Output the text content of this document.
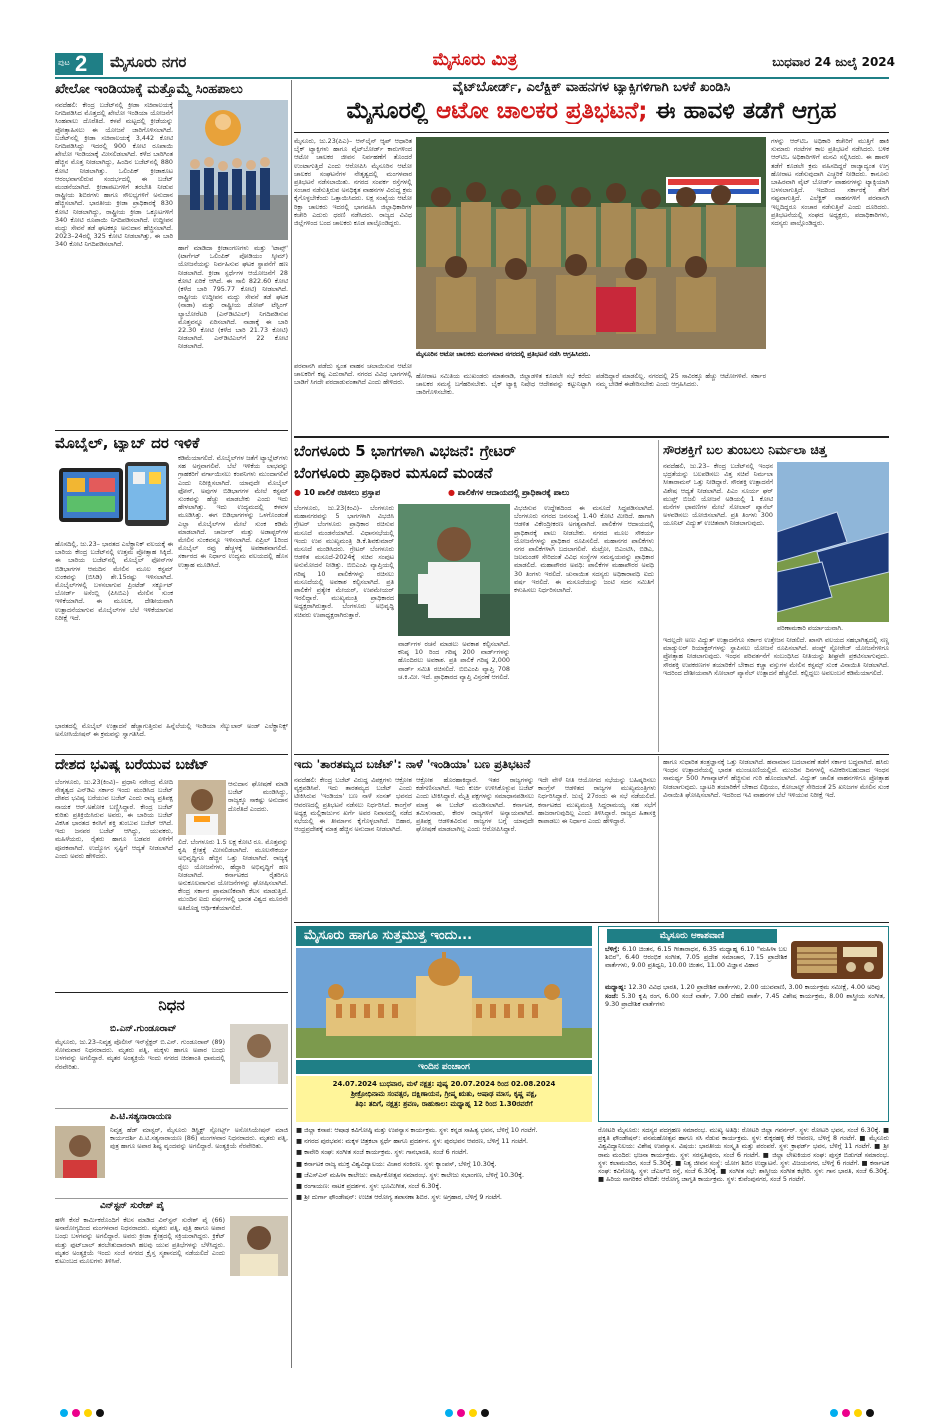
ಪುಟ 2 ಮೈಸೂರು ನಗರ	ಮೈಸೂರು ಮಿತ್ರ	ಬುಧವಾರ 24 ಜುಲೈ 2024
ಖೇಲೋ ಇಂಡಿಯಾಕ್ಕೆ ಮತ್ತೊಮ್ಮೆ ಸಿಂಹಪಾಲು
ನವದೆಹಲಿ: ಕೇಂದ್ರ ಬಜೆಟ್‌ನಲ್ಲಿ ಕ್ರೀಡಾ ಸಚಿವಾಲಯಕ್ಕೆ ನಿಗದಿಪಡಿಸಿದ ಮೊತ್ತದಲ್ಲಿ ಖೇಲೋ ಇಂಡಿಯಾ ಯೋಜನೆಗೆ ಸಿಂಹಪಾಲು ದೊರೆತಿದೆ. ಕಳಪೆ ಮಟ್ಟದಲ್ಲಿ ಕ್ರೀಡೆಯನ್ನು ಪ್ರೋತ್ಸಾಹಿಸಲು ಈ ಯೋಜನೆ ಜಾರಿಗೊಳಿಸಲಾಗಿದೆ. ಬಜೆಟ್‌ನಲ್ಲಿ ಕ್ರೀಡಾ ಸಚಿವಾಲಯಕ್ಕೆ 3,442 ಕೋಟಿ ನಿಗದಿಪಡಿಸಿದ್ದು ಇದರಲ್ಲಿ 900 ಕೋಟಿ ರೂಪಾಯಿ ಖೇಲೋ ಇಂಡಿಯಾಕ್ಕೆ ಮೀಸಲಿಡಲಾಗಿದೆ. ಕಳೆದ ಬಾರಿಗಿಂತ ಹೆಚ್ಚಿನ ಮೊತ್ತ ನೀಡಲಾಗಿದ್ದು, ಹಿಂದಿನ ಬಜೆಟ್‌ನಲ್ಲಿ 880 ಕೋಟಿ ನೀಡಲಾಗಿತ್ತು. ಒಲಿಂಪಿಕ್ ಕ್ರೀಡಾಕೂಟ ಆರಂಭವಾಗಲಿರುವ ಸಂದರ್ಭದಲ್ಲಿ ಈ ಬಜೆಟ್ ಮಂಡನೆಯಾಗಿದೆ. ಕ್ರೀಡಾಪಟುಗಳಿಗೆ ತರಬೇತಿ ನೀಡುವ ರಾಷ್ಟ್ರೀಯ ಶಿಬಿರಗಳು ಹಾಗೂ ಸೌಲಭ್ಯಗಳಿಗೆ ಅನುದಾನ ಹೆಚ್ಚಿಸಲಾಗಿದೆ. ಭಾರತೀಯ ಕ್ರೀಡಾ ಪ್ರಾಧಿಕಾರಕ್ಕೆ 830 ಕೋಟಿ ನೀಡಲಾಗಿದ್ದು, ರಾಷ್ಟ್ರೀಯ ಕ್ರೀಡಾ ಒಕ್ಕೂಟಗಳಿಗೆ 340 ಕೋಟಿ ರೂಪಾಯಿ ನಿಗದಿಪಡಿಸಲಾಗಿದೆ. ಉದ್ದೀಪನ ಮದ್ದು ಸೇವನೆ ತಡೆ ಘಟಕಕ್ಕೂ ಅನುದಾನ ಹೆಚ್ಚಿಸಲಾಗಿದೆ. 2023–24ರಲ್ಲಿ 325 ಕೋಟಿ ನೀಡಲಾಗಿತ್ತು, ಈ ಬಾರಿ 340 ಕೋಟಿ ನಿಗದಿಪಡಿಸಲಾಗಿದೆ.	ಹಾಗೆ ಮಾಡಿದಾ ಕ್ರೀಡಾಂಗಣಗಳು ಮತ್ತು 'ಟಾಪ್ಸ್' (ಟಾರ್ಗೆಟ್ ಒಲಿಂಪಿಕ್ ಪೋಡಿಯಂ ಸ್ಕೀಮ್) ಯೋಜನೆಯನ್ನು ನಿರ್ವಹಿಸುವ ಘಟಕ ಸ್ಥಾಪನೆಗೆ ಹಣ ನೀಡಲಾಗಿದೆ. ಕ್ರೀಡಾ ಸ್ಪರ್ಧೆಗಳ ಆಯೋಜನೆಗೆ 28 ಕೋಟಿ ಏರಿಕೆ ಆಗಿದೆ. ಈ ಸಾಲಿ 822.60 ಕೋಟಿ (ಕಳೆದ ಬಾರಿ 795.77 ಕೋಟಿ) ನೀಡಲಾಗಿದೆ. ರಾಷ್ಟ್ರೀಯ ಉದ್ದೀಪನ ಮದ್ದು ಸೇವನೆ ತಡೆ ಘಟಕ (ನಾಡಾ) ಮತ್ತು ರಾಷ್ಟ್ರೀಯ ಡೋಪ್ ಟೆಸ್ಟಿಂಗ್ ಲ್ಯಾಬೋರೆಟರಿ (ಎನ್‌ಡಿಟಿಎಲ್) ನಿಗದಿಪಡಿಸುವ ಮೊತ್ತವನ್ನೂ ಏರಿಸಲಾಗಿದೆ. ನಾಡಾಕ್ಕೆ ಈ ಬಾರಿ 22.30 ಕೋಟಿ (ಕಳೆದ ಬಾರಿ 21.73 ಕೋಟಿ) ನೀಡಲಾಗಿದೆ. ಎನ್‌ಡಿಟಿಎಲ್‌ಗೆ 22 ಕೋಟಿ ನೀಡಲಾಗಿದೆ.
ಮೊಬೈಲ್, ಟ್ಯಾಬ್ ದರ ಇಳಿಕೆ
ಹೊಸದಿಲ್ಲಿ, ಜು.23– ಭಾರತದ ಎಲೆಕ್ಟ್ರಾನಿಕ್ ವಲಯಕ್ಕೆ ಈ ಬಾರಿಯ ಕೇಂದ್ರ ಬಜೆಟ್‌ನಲ್ಲಿ ಉತ್ತಮ ಪ್ರೋತ್ಸಾಹ ಸಿಕ್ಕಿದೆ. ಈ ಬಾರಿಯ ಬಜೆಟ್‌ನಲ್ಲಿ ಮೊಬೈಲ್ ಫೋನ್‌ಗಳ ಬಿಡಿಭಾಗಗಳ ಆಮದಿನ ಮೇಲಿನ ಮೂಲ ಕಸ್ಟಮ್ ಸುಂಕವನ್ನು (ಬಿಸಿಡಿ) ಶೇ.15ರಷ್ಟು ಇಳಿಸಲಾಗಿದೆ. ಮೊಬೈಲ್‌ಗಳಲ್ಲಿ ಬಳಸಲಾಗುವ ಪ್ರಿಂಟೆಡ್ ಸರ್ಕ್ಯೂಟ್ ಬೋರ್ಡ್ ಅಸೆಂಬ್ಲಿ (ಪಿಸಿಬಿಎ) ಮೇಲಿನ ಸುಂಕ ಇಳಿಕೆಯಾಗಿದೆ. ಈ ಮೂಲಕ, ದೇಶೀಯವಾಗಿ ಉತ್ಪಾದನೆಯಾಗುವ ಮೊಬೈಲ್‌ಗಳ ಬೆಲೆ ಇಳಿಕೆಯಾಗುವ ನಿರೀಕ್ಷೆ ಇದೆ.
ಕಡಿಮೆಯಾಗಲಿದೆ. ಮೊಬೈಲ್‌ಗಳ ಜತೆಗೆ ಟ್ಯಾಬ್ಲೆಟ್‌ಗಳು ಸಹ ಅಗ್ಗವಾಗಲಿವೆ. ಬೆಲೆ ಇಳಿಕೆಯ ಲಾಭವನ್ನು ಗ್ರಾಹಕರಿಗೆ ವರ್ಗಾಯಿಸಲು ಕಂಪನಿಗಳು ಮುಂದಾಗಲಿವೆ ಎಂದು ನಿರೀಕ್ಷಿಸಲಾಗಿದೆ. ಯಾವುದೇ ಮೊಬೈಲ್ ಫೋನ್, ಅವುಗಳ ಬಿಡಿಭಾಗಗಳ ಮೇಲೆ ಕಸ್ಟಮ್ ಸುಂಕವನ್ನು ಹೆಚ್ಚು ಮಾಡಬೇಕು ಎಂದು ಇದು ಹೇಳಲಾಗಿತ್ತು. ಇದು ಉದ್ಯಮದಲ್ಲಿ ಕಳವಳ ಮೂಡಿಸಿತ್ತು. ಈಗ ಬಿಡಿಭಾಗಗಳನ್ನು ಒಳಗೊಂಡಂತೆ ಎಲ್ಲಾ ಮೊಬೈಲ್‌ಗಳ ಮೇಲೆ ಸುಂಕ ಕಡಿಮೆ ಮಾಡಲಾಗಿದೆ. ಚಾರ್ಜರ್ ಮತ್ತು ಅಡಾಪ್ಟರ್‌ಗಳ ಮೇಲಿನ ಸುಂಕವನ್ನೂ ಇಳಿಸಲಾಗಿದೆ. ಏಪ್ರಿಲ್ 1ರಿಂದ ಮೊಬೈಲ್ ರಫ್ತು ಹೆಚ್ಚಳಕ್ಕೆ ಅವಕಾಶವಾಗಲಿದೆ. ಸರ್ಕಾರದ ಈ ನಿರ್ಧಾರ ಉದ್ಯಮ ವಲಯದಲ್ಲಿ ಹೊಸ ಉತ್ಸಾಹ ಮೂಡಿಸಿದೆ.
ಭಾರತದಲ್ಲಿ ಮೊಬೈಲ್ ಉತ್ಪಾದನೆ ಹೆಚ್ಚಾಗುತ್ತಿರುವ ಹಿನ್ನೆಲೆಯಲ್ಲಿ ಇಂಡಿಯಾ ಸೆಲ್ಯುಲಾರ್ ಅಂಡ್ ಎಲೆಕ್ಟ್ರಾನಿಕ್ಸ್ ಅಸೋಸಿಯೇಷನ್ ಈ ಕ್ರಮವನ್ನು ಸ್ವಾಗತಿಸಿದೆ.
ದೇಶದ ಭವಿಷ್ಯ ಬರೆಯುವ ಬಜೆಟ್
ಬೆಂಗಳೂರು, ಜು.23(ಕಿಂವಿ)– ಪ್ರಧಾನಿ ನರೇಂದ್ರ ಮೋದಿ ನೇತೃತ್ವದ ಎನ್‌ಡಿಎ ಸರ್ಕಾರ ಇಂದು ಮಂಡಿಸಿದ ಬಜೆಟ್ ದೇಶದ ಭವಿಷ್ಯ ಬರೆಯುವ ಬಜೆಟ್ ಎಂದು ರಾಜ್ಯ ಪ್ರತಿಪಕ್ಷ ನಾಯಕ ಆರ್.ಅಶೋಕ ಬಣ್ಣಿಸಿದ್ದಾರೆ. ಕೇಂದ್ರ ಬಜೆಟ್ ಕುರಿತು ಪ್ರತಿಕ್ರಿಯಿಸಿರುವ ಅವರು, ಈ ಬಾರಿಯ ಬಜೆಟ್ ವಿಕಸಿತ ಭಾರತದ ಕನಸಿಗೆ ಶಕ್ತಿ ತುಂಬುವ ಬಜೆಟ್ ಆಗಿದೆ. ಇದು ಜನಪರ ಬಜೆಟ್ ಆಗಿದ್ದು, ಯುವಕರು, ಮಹಿಳೆಯರು, ರೈತರು ಹಾಗೂ ಬಡವರ ಏಳಿಗೆಗೆ ಪೂರಕವಾಗಿದೆ. ಉದ್ಯೋಗ ಸೃಷ್ಟಿಗೆ ಆದ್ಯತೆ ನೀಡಲಾಗಿದೆ ಎಂದು ಅವರು ಹೇಳಿದರು.
ಆನುದಾನ ಘೋಷಣೆ ಮಾಡಿ ಬಜೆಟ್ ಮಂಡಿಸಿದ್ದು, ರಾಜ್ಯಕ್ಕೂ ಸಾಕಷ್ಟು ಅನುದಾನ ದೊರೆತಿದೆ ಎಂದರು.
ಲಿದೆ. ಬೆಂಗಳೂರು 1.5 ಲಕ್ಷ ಕೋಟಿ ರೂ. ಮೊತ್ತವನ್ನು ಕೃಷಿ ಕ್ಷೇತ್ರಕ್ಕೆ ಮೀಸಲಿಡಲಾಗಿದೆ. ಮೂಲಸೌಕರ್ಯ ಅಭಿವೃದ್ಧಿಗೂ ಹೆಚ್ಚಿನ ಒತ್ತು ನೀಡಲಾಗಿದೆ. ರಾಜ್ಯಕ್ಕೆ ರೈಲು ಯೋಜನೆಗಳು, ಹೆದ್ದಾರಿ ಅಭಿವೃದ್ಧಿಗೆ ಹಣ ನೀಡಲಾಗಿದೆ. ಕರ್ನಾಟಕದ ರೈತರಿಗೂ ಅನುಕೂಲವಾಗುವ ಯೋಜನೆಗಳನ್ನು ಘೋಷಿಸಲಾಗಿದೆ. ಕೇಂದ್ರ ಸರ್ಕಾರ ಪ್ರಾಮಾಣಿಕವಾಗಿ ಕೆಲಸ ಮಾಡುತ್ತಿದೆ. ಮುಂದಿನ ಐದು ವರ್ಷಗಳಲ್ಲಿ ಭಾರತ ವಿಶ್ವದ ಮೂರನೇ ಅತಿದೊಡ್ಡ ಆರ್ಥಿಕತೆಯಾಗಲಿದೆ.
ನಿಧನ
ಬಿ.ಎನ್.ಗುಂಡೂರಾವ್
ಮೈಸೂರು, ಜು.23–ನಿವೃತ್ತ ಪೊಲೀಸ್ ಇನ್‌ಸ್ಪೆಕ್ಟರ್ ಬಿ.ಎನ್. ಗುಂಡೂರಾವ್ (89) ಸೋಮವಾರ ನಿಧನರಾದರು. ಮೃತರು ಪತ್ನಿ, ಮಕ್ಕಳು ಹಾಗೂ ಅಪಾರ ಬಂಧು ಬಳಗವನ್ನು ಅಗಲಿದ್ದಾರೆ. ಮೃತರ ಅಂತ್ಯಕ್ರಿಯೆ ಇಂದು ನಗರದ ಚಿರಶಾಂತಿ ಧಾಮದಲ್ಲಿ ನೆರವೇರಿತು.
ಪಿ.ಟಿ.ಸತ್ಯನಾರಾಯಣ
ನಿವೃತ್ತ ಹೆಡ್ ಮಾಸ್ಟರ್, ಮೈಸೂರು ಡಿಸ್ಟ್ರಿಕ್ಟ್ ಸ್ಪೋರ್ಟ್ಸ್ ಅಸೋಸಿಯೇಷನ್ ಮಾಜಿ ಕಾರ್ಯದರ್ಶಿ ಪಿ.ಟಿ.ಸತ್ಯನಾರಾಯಣ (86) ಮಂಗಳವಾರ ನಿಧನರಾದರು. ಮೃತರು ಪತ್ನಿ, ಪುತ್ರ ಹಾಗೂ ಅಪಾರ ಶಿಷ್ಯ ವೃಂದವನ್ನು ಅಗಲಿದ್ದಾರೆ. ಅಂತ್ಯಕ್ರಿಯೆ ನೆರವೇರಿತು.
ವಿನ್‌ಸ್ಟನ್ ಸುರೇಶ್ ಪೈ
ಹಳೇ ಕೆಸರೆ ಕಾರ್ಮಿಕರೊಂದಿಗೆ ಕೆಲಸ ಮಾಡಿದ ವಿನ್‌ಸ್ಟನ್ ಸುರೇಶ್ ಪೈ (66) ಅನಾರೋಗ್ಯದಿಂದ ಮಂಗಳವಾರ ನಿಧನರಾದರು. ಮೃತರು ಪತ್ನಿ, ಪುತ್ರಿ ಹಾಗೂ ಅಪಾರ ಬಂಧು ಬಳಗವನ್ನು ಅಗಲಿದ್ದಾರೆ. ಅವರು ಕ್ರೀಡಾ ಕ್ಷೇತ್ರದಲ್ಲಿ ಸಕ್ರಿಯರಾಗಿದ್ದರು. ಕ್ರಿಕೆಟ್ ಮತ್ತು ಫುಟ್‌ಬಾಲ್ ತರಬೇತುದಾರರಾಗಿ ಹಲವು ಯುವ ಪ್ರತಿಭೆಗಳನ್ನು ಬೆಳೆಸಿದ್ದರು. ಮೃತರ ಅಂತ್ಯಕ್ರಿಯೆ ಇಂದು ಸಂಜೆ ನಗರದ ಕ್ರೈಸ್ತ ಸ್ಮಶಾನದಲ್ಲಿ ನಡೆಯಲಿದೆ ಎಂದು ಕುಟುಂಬದ ಮೂಲಗಳು ತಿಳಿಸಿವೆ.
ವೈಟ್‌ಬೋರ್ಡ್, ಎಲೆಕ್ಟ್ರಿಕ್ ವಾಹನಗಳ ಟ್ಯಾಕ್ಸಿಗಳಿಗಾಗಿ ಬಳಕೆ ಖಂಡಿಸಿ
ಮೈಸೂರಲ್ಲಿ ಆಟೋ ಚಾಲಕರ ಪ್ರತಿಭಟನೆ; ಈ ಹಾವಳಿ ತಡೆಗೆ ಆಗ್ರಹ
ಮೈಸೂರು, ಜು.23(ಪಿಎ)– ಆನ್‌ಲೈನ್ ಆ್ಯಪ್ ಆಧಾರಿತ ಬೈಕ್ ಟ್ಯಾಕ್ಸಿಗಳು ಹಾಗೂ ವೈಟ್‌ಬೋರ್ಡ್ ಕಾರುಗಳಿಂದ ಆಟೋ ಚಾಲಕರ ಜೀವನ ನಿರ್ವಹಣೆಗೆ ತೊಂದರೆ ಉಂಟಾಗುತ್ತಿದೆ ಎಂದು ಆರೋಪಿಸಿ ಮೈಸೂರಿನ ಆಟೋ ಚಾಲಕರ ಸಂಘಟನೆಗಳ ನೇತೃತ್ವದಲ್ಲಿ ಮಂಗಳವಾರ ಪ್ರತಿಭಟನೆ ನಡೆಸಲಾಯಿತು. ನಗರದ ಸಂಪರ್ಕ ರಸ್ತೆಗಳಲ್ಲಿ ಸಂಚಾರ ನಡೆಸುತ್ತಿರುವ ಅನಧಿಕೃತ ವಾಹನಗಳ ವಿರುದ್ಧ ಕ್ರಮ ಕೈಗೊಳ್ಳಬೇಕೆಂದು ಒತ್ತಾಯಿಸಿದರು. ಲಕ್ಷ ಸಂಖ್ಯೆಯ ಆಟೋ ರಿಕ್ಷಾ ಚಾಲಕರು ಇದರಲ್ಲಿ ಭಾಗವಹಿಸಿ ಜಿಲ್ಲಾಧಿಕಾರಿಗಳ ಕಚೇರಿ ಎದುರು ಧರಣಿ ನಡೆಸಿದರು. ರಾಜ್ಯದ ವಿವಿಧ ಜಿಲ್ಲೆಗಳಿಂದ ಬಂದ ಚಾಲಕರು ಕೂಡ ಪಾಲ್ಗೊಂಡಿದ್ದರು.
ಮೈಸೂರಿನ ಆಟೋ ಚಾಲಕರು ಮಂಗಳವಾರ ನಗರದಲ್ಲಿ ಪ್ರತಿಭಟನೆ ನಡೆಸಿ ಆಗ್ರಹಿಸಿದರು.
ಗಳನ್ನು ಆರ್‌ಟಿಒ ಅಧಿಕಾರಿ ಕಚೇರಿಗೆ ಮುತ್ತಿಗೆ ಹಾಕಿ ಸುಮಾರು ಗಂಟೆಗಳ ಕಾಲ ಪ್ರತಿಭಟನೆ ನಡೆಸಿದರು. ಬಳಿಕ ಆರ್‌ಟಿಒ ಅಧಿಕಾರಿಗಳಿಗೆ ಮನವಿ ಸಲ್ಲಿಸಿದರು. ಈ ಹಾವಳಿ ತಡೆಗೆ ಕೂಡಲೇ ಕ್ರಮ ವಹಿಸದಿದ್ದರೆ ರಾಜ್ಯಾದ್ಯಂತ ಉಗ್ರ ಹೋರಾಟ ನಡೆಸುವುದಾಗಿ ಎಚ್ಚರಿಕೆ ನೀಡಿದರು. ಕಾನೂನು ಬಾಹಿರವಾಗಿ ವೈಟ್ ಬೋರ್ಡ್ ವಾಹನಗಳನ್ನು ಟ್ಯಾಕ್ಸಿಯಾಗಿ ಬಳಸಲಾಗುತ್ತಿದೆ. ಇದರಿಂದ ಸರ್ಕಾರಕ್ಕೆ ತೆರಿಗೆ ನಷ್ಟವಾಗುತ್ತಿದೆ. ಎಲೆಕ್ಟ್ರಿಕ್ ವಾಹನಗಳಿಗೆ ಪರವಾನಗಿ ಇಲ್ಲದಿದ್ದರೂ ಸಂಚಾರ ನಡೆಸುತ್ತಿವೆ ಎಂದು ದೂರಿದರು. ಪ್ರತಿಭಟನೆಯಲ್ಲಿ ಸಂಘದ ಅಧ್ಯಕ್ಷರು, ಪದಾಧಿಕಾರಿಗಳು, ಸದಸ್ಯರು ಪಾಲ್ಗೊಂಡಿದ್ದರು.
ಪರವಾನಗಿ ಪಡೆದು ಸ್ವಂತ ವಾಹನ ಚಲಾಯಿಸುವ ಆಟೋ ಚಾಲಕರಿಗೆ ಕಷ್ಟ ಎದುರಾಗಿದೆ. ನಗರದ ವಿವಿಧ ಭಾಗಗಳಲ್ಲಿ ಬಾಡಿಗೆ ಸಿಗದೇ ಪರದಾಡುವಂತಾಗಿದೆ ಎಂದು ಹೇಳಿದರು.
ಹೋರಾಟ ಸಮಿತಿಯ ಮುಖಂಡರು ಮಾತನಾಡಿ, ಜಿಲ್ಲಾಡಳಿತ ಕೂಡಲೇ ಸಭೆ ಕರೆದು ಚಾಲಕರ ಸಮಸ್ಯೆ ಬಗೆಹರಿಸಬೇಕು. ಬೈಕ್ ಟ್ಯಾಕ್ಸಿ ನಿಷೇಧ ಆದೇಶವನ್ನು ಕಟ್ಟುನಿಟ್ಟಾಗಿ ಜಾರಿಗೊಳಿಸಬೇಕು.
ಪಡೆದಿದ್ದಾರೆ ಮಾಡಲಿಲ್ಲ. ನಗರದಲ್ಲಿ 25 ಸಾವಿರಕ್ಕೂ ಹೆಚ್ಚು ಆಟೋಗಳಿವೆ. ಸರ್ಕಾರ ನಮ್ಮ ಬೇಡಿಕೆ ಈಡೇರಿಸಬೇಕು ಎಂದು ಆಗ್ರಹಿಸಿದರು.
ಬೆಂಗಳೂರು 5 ಭಾಗಗಳಾಗಿ ವಿಭಜನೆ: ಗ್ರೇಟರ್
ಬೆಂಗಳೂರು ಪ್ರಾಧಿಕಾರ ಮಸೂದೆ ಮಂಡನೆ
● 10 ಪಾಲಿಕೆ ರಚಿಸಲು ಪ್ರಸ್ತಾಪ	● ಪಾಲಿಕೆಗಳ ಆದಾಯದಲ್ಲಿ ಪ್ರಾಧಿಕಾರಕ್ಕೆ ಪಾಲು
ಬೆಂಗಳೂರು, ಜು.23(ಕಿಂವಿ)– ಬೆಂಗಳೂರು ಮಹಾನಗರವನ್ನು 5 ಭಾಗಗಳಾಗಿ ವಿಭಜಿಸಿ ಗ್ರೇಟರ್ ಬೆಂಗಳೂರು ಪ್ರಾಧಿಕಾರ ರಚಿಸುವ ಮಸೂದೆ ಮಂಡನೆಯಾಗಿದೆ. ವಿಧಾನಸಭೆಯಲ್ಲಿ ಇಂದು ಉಪ ಮುಖ್ಯಮಂತ್ರಿ ಡಿ.ಕೆ.ಶಿವಕುಮಾರ್ ಮಸೂದೆ ಮಂಡಿಸಿದರು. ಗ್ರೇಟರ್ ಬೆಂಗಳೂರು ಆಡಳಿತ ಮಸೂದೆ-2024ಕ್ಕೆ ಸಚಿವ ಸಂಪುಟ ಅನುಮೋದನೆ ನೀಡಿತ್ತು. ಬಿಬಿಎಂಪಿ ವ್ಯಾಪ್ತಿಯಲ್ಲಿ ಗರಿಷ್ಠ 10 ಪಾಲಿಕೆಗಳನ್ನು ರಚಿಸಲು ಮಸೂದೆಯಲ್ಲಿ ಅವಕಾಶ ಕಲ್ಪಿಸಲಾಗಿದೆ. ಪ್ರತಿ ಪಾಲಿಕೆಗೆ ಪ್ರತ್ಯೇಕ ಮೇಯರ್, ಉಪಮೇಯರ್ ಇರಲಿದ್ದಾರೆ. ಮುಖ್ಯಮಂತ್ರಿ ಪ್ರಾಧಿಕಾರದ ಅಧ್ಯಕ್ಷರಾಗಿರುತ್ತಾರೆ. ಬೆಂಗಳೂರು ಅಭಿವೃದ್ಧಿ ಸಚಿವರು ಉಪಾಧ್ಯಕ್ಷರಾಗಿರುತ್ತಾರೆ.
ವಾರ್ಡ್‌ಗಳ ರಚನೆ ಮಾಡಲು ಅವಕಾಶ ಕಲ್ಪಿಸಲಾಗಿದೆ. ಕನಿಷ್ಠ 10 ರಿಂದ ಗರಿಷ್ಠ 200 ವಾರ್ಡ್‌ಗಳನ್ನು ಹೊಂದಿರಲು ಅವಕಾಶ. ಪ್ರತಿ ಪಾಲಿಕೆ ಗರಿಷ್ಠ 2,000 ವಾರ್ಡ್ ಸಮಿತಿ ರಚಿಸಲಿದೆ. ಬಿಬಿಎಂಪಿ ವ್ಯಾಪ್ತಿ 708 ಚ.ಕಿ.ಮೀ. ಇದೆ. ಪ್ರಾಧಿಕಾರದ ವ್ಯಾಪ್ತಿ ವಿಸ್ತರಣೆ ಆಗಲಿದೆ.
ವಿಭಜಿಸುವ ಉದ್ದೇಶದಿಂದ ಈ ಮಸೂದೆ ಸಿದ್ಧಪಡಿಸಲಾಗಿದೆ. ಬೆಂಗಳೂರು ನಗರದ ಜನಸಂಖ್ಯೆ 1.40 ಕೋಟಿ ಮೀರಿದೆ. ಹಾಗಾಗಿ ಆಡಳಿತ ವಿಕೇಂದ್ರೀಕರಣ ಅಗತ್ಯವಾಗಿದೆ. ಪಾಲಿಕೆಗಳ ಆದಾಯದಲ್ಲಿ ಪ್ರಾಧಿಕಾರಕ್ಕೆ ಪಾಲು ನೀಡಬೇಕು. ನಗರದ ಮೂಲ ಸೌಕರ್ಯ ಯೋಜನೆಗಳನ್ನು ಪ್ರಾಧಿಕಾರ ರೂಪಿಸಲಿದೆ. ಮಹಾನಗರ ಪಾಲಿಕೆಗಳು ನಗರ ಪಾಲಿಕೆಗಳಾಗಿ ಬದಲಾಗಲಿವೆ. ಮೆಟ್ರೋ, ಬಿಎಂಟಿಸಿ, ಬಿಡಿಎ, ಜಲಮಂಡಳಿ ಸೇರಿದಂತೆ ವಿವಿಧ ಸಂಸ್ಥೆಗಳ ಸಮನ್ವಯವನ್ನು ಪ್ರಾಧಿಕಾರ ಮಾಡಲಿದೆ. ಮಹಾಪೌರರ ಅವಧಿ: ಪಾಲಿಕೆಗಳ ಮಹಾಪೌರರ ಅವಧಿ 30 ತಿಂಗಳು ಇರಲಿದೆ. ಚುನಾಯಿತ ಸದಸ್ಯರು ಅಧಿಕಾರಾವಧಿ ಐದು ವರ್ಷ ಇರಲಿದೆ. ಈ ಮಸೂದೆಯನ್ನು ಜಂಟಿ ಸದನ ಸಮಿತಿಗೆ ಕಳುಹಿಸಲು ನಿರ್ಧರಿಸಲಾಗಿದೆ.
ಸೌರಶಕ್ತಿಗೆ ಬಲ ತುಂಬಲು ನಿರ್ಮಲಾ ಚಿತ್ತ
ನವದೆಹಲಿ, ಜು.23– ಕೇಂದ್ರ ಬಜೆಟ್‌ನಲ್ಲಿ ಇಂಧನ ಭದ್ರತೆಯನ್ನು ಬಲಪಡಿಸಲು ವಿತ್ತ ಸಚಿವೆ ನಿರ್ಮಲಾ ಸೀತಾರಾಮನ್ ಒತ್ತು ನೀಡಿದ್ದಾರೆ. ಸೌರಶಕ್ತಿ ಉತ್ಪಾದನೆಗೆ ವಿಶೇಷ ಆದ್ಯತೆ ನೀಡಲಾಗಿದೆ. ಪಿಎಂ ಸೂರ್ಯ ಘರ್ ಮುಫ್ತ್ ಬಿಜಲಿ ಯೋಜನೆ ಅಡಿಯಲ್ಲಿ 1 ಕೋಟಿ ಮನೆಗಳ ಛಾವಣಿಗಳ ಮೇಲೆ ಸೋಲಾರ್ ಪ್ಯಾನೆಲ್ ಅಳವಡಿಸಲು ಯೋಜಿಸಲಾಗಿದೆ. ಪ್ರತಿ ತಿಂಗಳು 300 ಯೂನಿಟ್ ವಿದ್ಯುತ್ ಉಚಿತವಾಗಿ ನೀಡಲಾಗುವುದು.
ಪರಿಣಾಮಕಾರಿ ಪರ್ಯಾಯವಾಗಿ.
ಇದಲ್ಲದೇ ಅಣು ವಿದ್ಯುತ್ ಉತ್ಪಾದನೆಗೂ ಸರ್ಕಾರ ಉತ್ತೇಜನ ನೀಡಲಿದೆ. ಖಾಸಗಿ ವಲಯದ ಸಹಭಾಗಿತ್ವದಲ್ಲಿ ಸಣ್ಣ ಮಾಡ್ಯುಲರ್ ರಿಯಾಕ್ಟರ್‌ಗಳನ್ನು ಸ್ಥಾಪಿಸಲು ಯೋಜನೆ ರೂಪಿಸಲಾಗಿದೆ. ಪಂಪ್ಡ್ ಸ್ಟೋರೇಜ್ ಯೋಜನೆಗಳಿಗೂ ಪ್ರೋತ್ಸಾಹ ನೀಡಲಾಗುವುದು. ಇಂಧನ ಪರಿವರ್ತನೆಗೆ ಸಂಬಂಧಿಸಿದ ನೀತಿಯನ್ನು ಶೀಘ್ರವೇ ಪ್ರಕಟಿಸಲಾಗುವುದು. ಸೌರಶಕ್ತಿ ಉಪಕರಣಗಳ ತಯಾರಿಕೆಗೆ ಬೇಕಾದ ಕಚ್ಚಾ ವಸ್ತುಗಳ ಮೇಲಿನ ಕಸ್ಟಮ್ಸ್ ಸುಂಕ ವಿನಾಯಿತಿ ನೀಡಲಾಗಿದೆ. ಇದರಿಂದ ದೇಶೀಯವಾಗಿ ಸೋಲಾರ್ ಪ್ಯಾನೆಲ್ ಉತ್ಪಾದನೆ ಹೆಚ್ಚಲಿದೆ. ಕಲ್ಲಿದ್ದಲು ಅವಲಂಬನೆ ಕಡಿಮೆಯಾಗಲಿದೆ.
ಇದು 'ತಾರತಮ್ಯದ ಬಜೆಟ್': ನಾಳೆ 'ಇಂಡಿಯಾ' ಬಣ ಪ್ರತಿಭಟನೆ
ನವದೆಹಲಿ: ಕೇಂದ್ರ ಬಜೆಟ್ ವಿರುದ್ಧ ವಿಪಕ್ಷಗಳು ಆಕ್ರೋಶ ವ್ಯಕ್ತಪಡಿಸಿವೆ. ಇದು ತಾರತಮ್ಯದ ಬಜೆಟ್ ಎಂದು ಟೀಕಿಸಿರುವ 'ಇಂಡಿಯಾ' ಬಣ ನಾಳೆ ಸಂಸತ್ ಭವನದ ಆವರಣದಲ್ಲಿ ಪ್ರತಿಭಟನೆ ನಡೆಸಲು ನಿರ್ಧರಿಸಿದೆ. ಕಾಂಗ್ರೆಸ್ ಅಧ್ಯಕ್ಷ ಮಲ್ಲಿಕಾರ್ಜುನ ಖರ್ಗೆ ಅವರ ನಿವಾಸದಲ್ಲಿ ನಡೆದ ಸಭೆಯಲ್ಲಿ ಈ ತೀರ್ಮಾನ ಕೈಗೊಳ್ಳಲಾಗಿದೆ. ಬಿಹಾರ, ಆಂಧ್ರಪ್ರದೇಶಕ್ಕೆ ಮಾತ್ರ ಹೆಚ್ಚಿನ ಅನುದಾನ ನೀಡಲಾಗಿದೆ.
ಆಕ್ರೋಶ ಹೊರಹಾಕಿದ್ದಾರೆ. ಇತರ ರಾಜ್ಯಗಳನ್ನು ಕಡೆಗಣಿಸಲಾಗಿದೆ. ಇದು ಕುರ್ಚಿ ಉಳಿಸಿಕೊಳ್ಳುವ ಬಜೆಟ್ ಎಂದು ಟೀಕಿಸಿದ್ದಾರೆ. ಮೈತ್ರಿ ಪಕ್ಷಗಳನ್ನು ಸಮಾಧಾನಪಡಿಸಲು ಮಾತ್ರ ಈ ಬಜೆಟ್ ಮಂಡಿಸಲಾಗಿದೆ. ಕರ್ನಾಟಕ, ತಮಿಳುನಾಡು, ಕೇರಳ ರಾಜ್ಯಗಳಿಗೆ ಅನ್ಯಾಯವಾಗಿದೆ. ಪ್ರತಿಪಕ್ಷ ಆಡಳಿತವಿರುವ ರಾಜ್ಯಗಳ ಬಗ್ಗೆ ಯಾವುದೇ ಘೋಷಣೆ ಮಾಡಲಾಗಿಲ್ಲ ಎಂದು ಆರೋಪಿಸಿದ್ದಾರೆ.
ಇದೇ ವೇಳೆ ನೀತಿ ಆಯೋಗದ ಸಭೆಯನ್ನು ಬಹಿಷ್ಕರಿಸಲು ಕಾಂಗ್ರೆಸ್ ಆಡಳಿತದ ರಾಜ್ಯಗಳ ಮುಖ್ಯಮಂತ್ರಿಗಳು ನಿರ್ಧರಿಸಿದ್ದಾರೆ. ಜುಲೈ 27ರಂದು ಈ ಸಭೆ ನಡೆಯಲಿದೆ. ಕರ್ನಾಟಕದ ಮುಖ್ಯಮಂತ್ರಿ ಸಿದ್ದರಾಮಯ್ಯ ಸಹ ಸಭೆಗೆ ಹಾಜರಾಗುವುದಿಲ್ಲ ಎಂದು ತಿಳಿಸಿದ್ದಾರೆ. ರಾಜ್ಯದ ಹಿತಾಸಕ್ತಿ ಕಾಪಾಡಲು ಈ ನಿರ್ಧಾರ ಎಂದು ಹೇಳಿದ್ದಾರೆ.
ಹಾಗೂ ಸುಧಾರಿತ ತಂತ್ರಜ್ಞಾನಕ್ಕೆ ಒತ್ತು ನೀಡಲಾಗಿದೆ. ಹವಾಮಾನ ಬದಲಾವಣೆ ತಡೆಗೆ ಸರ್ಕಾರ ಬದ್ಧವಾಗಿದೆ. ಹಸಿರು ಇಂಧನ ಉತ್ಪಾದನೆಯಲ್ಲಿ ಭಾರತ ಮುಂಚೂಣಿಯಲ್ಲಿದೆ. ಮುಂದಿನ ದಿನಗಳಲ್ಲಿ ನವೀಕರಿಸಬಹುದಾದ ಇಂಧನ ಸಾಮರ್ಥ್ಯ 500 ಗಿಗಾವ್ಯಾಟ್‌ಗೆ ಹೆಚ್ಚಿಸುವ ಗುರಿ ಹೊಂದಲಾಗಿದೆ. ವಿದ್ಯುತ್ ಚಾಲಿತ ವಾಹನಗಳಿಗೂ ಪ್ರೋತ್ಸಾಹ ನೀಡಲಾಗುವುದು. ಬ್ಯಾಟರಿ ತಯಾರಿಕೆಗೆ ಬೇಕಾದ ಲಿಥಿಯಂ, ಕೋಬಾಲ್ಟ್ ಸೇರಿದಂತೆ 25 ಖನಿಜಗಳ ಮೇಲಿನ ಸುಂಕ ವಿನಾಯಿತಿ ಘೋಷಿಸಲಾಗಿದೆ. ಇದರಿಂದ ಇವಿ ವಾಹನಗಳ ಬೆಲೆ ಇಳಿಯುವ ನಿರೀಕ್ಷೆ ಇದೆ.
ಮೈಸೂರು ಹಾಗೂ ಸುತ್ತಮುತ್ತ ಇಂದು...
ಇಂದಿನ ಪಂಚಾಂಗ
24.07.2024 ಬುಧವಾರ, ಮಳೆ ನಕ್ಷತ್ರ: ಪುಷ್ಯ 20.07.2024 ರಿಂದ 02.08.2024
ಶ್ರೀಕ್ರೋಧಿನಾಮ ಸಂವತ್ಸರ, ದಕ್ಷಿಣಾಯನ, ಗ್ರೀಷ್ಮ ಋತು, ಆಷಾಢ ಮಾಸ, ಕೃಷ್ಣ ಪಕ್ಷ,
ತಿಥಿ: ತದಿಗೆ, ನಕ್ಷತ್ರ: ಶ್ರವಣ, ರಾಹುಕಾಲ: ಮಧ್ಯಾಹ್ನ 12 ರಿಂದ 1.30ರವರೆಗೆ
ಮೈಸೂರು ಆಕಾಶವಾಣಿ

ಬೆಳಿಗ್ಗೆ: 6.10 ಚಿಂತನ, 6.15 ಗೀತಾರಾಧನ, 6.35 ಮಧ್ಯಾಹ್ನ 6.10 "ಮಹಿಳಾ ಬಲ ಶಿಬಿರ", 6.40 ಆರಂಭಿಕ ಸಂಗೀತ, 7.05 ಪ್ರದೇಶ ಸಮಾಚಾರ, 7.15 ಪ್ರಾದೇಶಿಕ ವಾರ್ತೆಗಳು, 9.00 ಪ್ರತಿಧ್ವನಿ, 10.00 ಚಿಂತನ, 11.00 ವಿಜ್ಞಾನ ವಿಹಾರ

ಮಧ್ಯಾಹ್ನ: 12.30 ವಿವಿಧ ಭಾರತಿ, 1.20 ಪ್ರಾದೇಶಿಕ ವಾರ್ತೆಗಳು, 2.00 ಯುವವಾಣಿ, 3.00 ಕಾರ್ಯಕ್ರಮ ಸಮೀಕ್ಷೆ, 4.00 ಅರಿವು

ಸಂಜೆ: 5.30 ಕೃಷಿ ರಂಗ, 6.00 ಸಂಜೆ ವಾರ್ತೆ, 7.00 ದೆಹಲಿ ವಾರ್ತೆ, 7.45 ವಿಶೇಷ ಕಾರ್ಯಕ್ರಮ, 8.00 ಶಾಸ್ತ್ರೀಯ ಸಂಗೀತ, 9.30 ಪ್ರಾದೇಶಿಕ ವಾರ್ತೆಗಳು

■ ಜಿಲ್ಲಾ ಕಸಾಪ: ಆಷಾಢ ಕವಿಗೋಷ್ಠಿ ಮತ್ತು ಉಪನ್ಯಾಸ ಕಾರ್ಯಕ್ರಮ. ಸ್ಥಳ: ಕನ್ನಡ ಸಾಹಿತ್ಯ ಭವನ, ಬೆಳಿಗ್ಗೆ 10 ಗಂಟೆಗೆ.

■ ನಗರದ ಪುರಭವನ: ಮಕ್ಕಳ ಚಿತ್ರಕಲಾ ಸ್ಪರ್ಧೆ ಹಾಗೂ ಪ್ರದರ್ಶನ. ಸ್ಥಳ: ಪುರಭವನ ಆವರಣ, ಬೆಳಿಗ್ಗೆ 11 ಗಂಟೆಗೆ.

■ ಕಾವೇರಿ ಸಂಘ: ಸಂಗೀತ ಸಂಜೆ ಕಾರ್ಯಕ್ರಮ. ಸ್ಥಳ: ಗಾನಭಾರತಿ, ಸಂಜೆ 6 ಗಂಟೆಗೆ.

■ ಕರ್ನಾಟಕ ರಾಜ್ಯ ಮುಕ್ತ ವಿಶ್ವವಿದ್ಯಾಲಯ: ವಿಚಾರ ಸಂಕಿರಣ. ಸ್ಥಳ: ಕ್ಯಾಂಪಸ್, ಬೆಳಿಗ್ಗೆ 10.30ಕ್ಕೆ.

■ ಜೆಎಸ್ಎಸ್ ಮಹಿಳಾ ಕಾಲೇಜು: ವಾರ್ಷಿಕೋತ್ಸವ ಸಮಾರಂಭ. ಸ್ಥಳ: ಕಾಲೇಜು ಸಭಾಂಗಣ, ಬೆಳಿಗ್ಗೆ 10.30ಕ್ಕೆ.

■ ರಂಗಾಯಣ: ನಾಟಕ ಪ್ರದರ್ಶನ. ಸ್ಥಳ: ಭೂಮಿಗೀತ, ಸಂಜೆ 6.30ಕ್ಕೆ.

■ ಶ್ರೀ ದುರ್ಗಾ ಫೌಂಡೇಷನ್: ಉಚಿತ ಆರೋಗ್ಯ ತಪಾಸಣಾ ಶಿಬಿರ. ಸ್ಥಳ: ಅಗ್ರಹಾರ, ಬೆಳಿಗ್ಗೆ 9 ಗಂಟೆಗೆ.

ರೋಟರಿ ಮೈಸೂರು: ಸದಸ್ಯರ ಪದಗ್ರಹಣ ಸಮಾರಂಭ. ಮುಖ್ಯ ಅತಿಥಿ: ರೋಟರಿ ಜಿಲ್ಲಾ ಗವರ್ನರ್. ಸ್ಥಳ: ರೋಟರಿ ಭವನ, ಸಂಜೆ 6.30ಕ್ಕೆ. ■ ಪ್ರಕೃತಿ ಫೌಂಡೇಷನ್: ವನಮಹೋತ್ಸವ ಹಾಗೂ ಸಸಿ ನೆಡುವ ಕಾರ್ಯಕ್ರಮ. ಸ್ಥಳ: ಕುಕ್ಕರಹಳ್ಳಿ ಕೆರೆ ಆವರಣ, ಬೆಳಿಗ್ಗೆ 8 ಗಂಟೆಗೆ. ■ ಮೈಸೂರು ವಿಶ್ವವಿದ್ಯಾನಿಲಯ: ವಿಶೇಷ ಉಪನ್ಯಾಸ. ವಿಷಯ: ಭಾರತೀಯ ಸಂಸ್ಕೃತಿ ಮತ್ತು ಪರಂಪರೆ. ಸ್ಥಳ: ಕ್ರಾಫರ್ಡ್ ಭವನ, ಬೆಳಿಗ್ಗೆ 11 ಗಂಟೆಗೆ. ■ ಶ್ರೀ ರಾಮ ಮಂದಿರ: ಭಜನಾ ಕಾರ್ಯಕ್ರಮ. ಸ್ಥಳ: ಸರಸ್ವತಿಪುರಂ, ಸಂಜೆ 6 ಗಂಟೆಗೆ. ■ ಜಿಲ್ಲಾ ಲೇಖಕಿಯರ ಸಂಘ: ಪುಸ್ತಕ ಬಿಡುಗಡೆ ಸಮಾರಂಭ. ಸ್ಥಳ: ಕಲಾಮಂದಿರ, ಸಂಜೆ 5.30ಕ್ಕೆ. ■ ನಿತ್ಯ ಜೀವನ ಸಂಸ್ಥೆ: ಯೋಗ ಶಿಬಿರ ಉದ್ಘಾಟನೆ. ಸ್ಥಳ: ವಿಜಯನಗರ, ಬೆಳಿಗ್ಗೆ 6 ಗಂಟೆಗೆ. ■ ಕರ್ನಾಟಕ ಸಂಘ: ಕವಿಗೋಷ್ಠಿ. ಸ್ಥಳ: ಜೆಎಲ್‌ಬಿ ರಸ್ತೆ, ಸಂಜೆ 6.30ಕ್ಕೆ. ■ ಸಂಗೀತ ಸಭೆ: ಶಾಸ್ತ್ರೀಯ ಸಂಗೀತ ಕಛೇರಿ. ಸ್ಥಳ: ಗಾನ ಭಾರತಿ, ಸಂಜೆ 6.30ಕ್ಕೆ. ■ ಹಿರಿಯ ನಾಗರಿಕರ ವೇದಿಕೆ: ಆರೋಗ್ಯ ಜಾಗೃತಿ ಕಾರ್ಯಕ್ರಮ. ಸ್ಥಳ: ಕುವೆಂಪುನಗರ, ಸಂಜೆ 5 ಗಂಟೆಗೆ.
